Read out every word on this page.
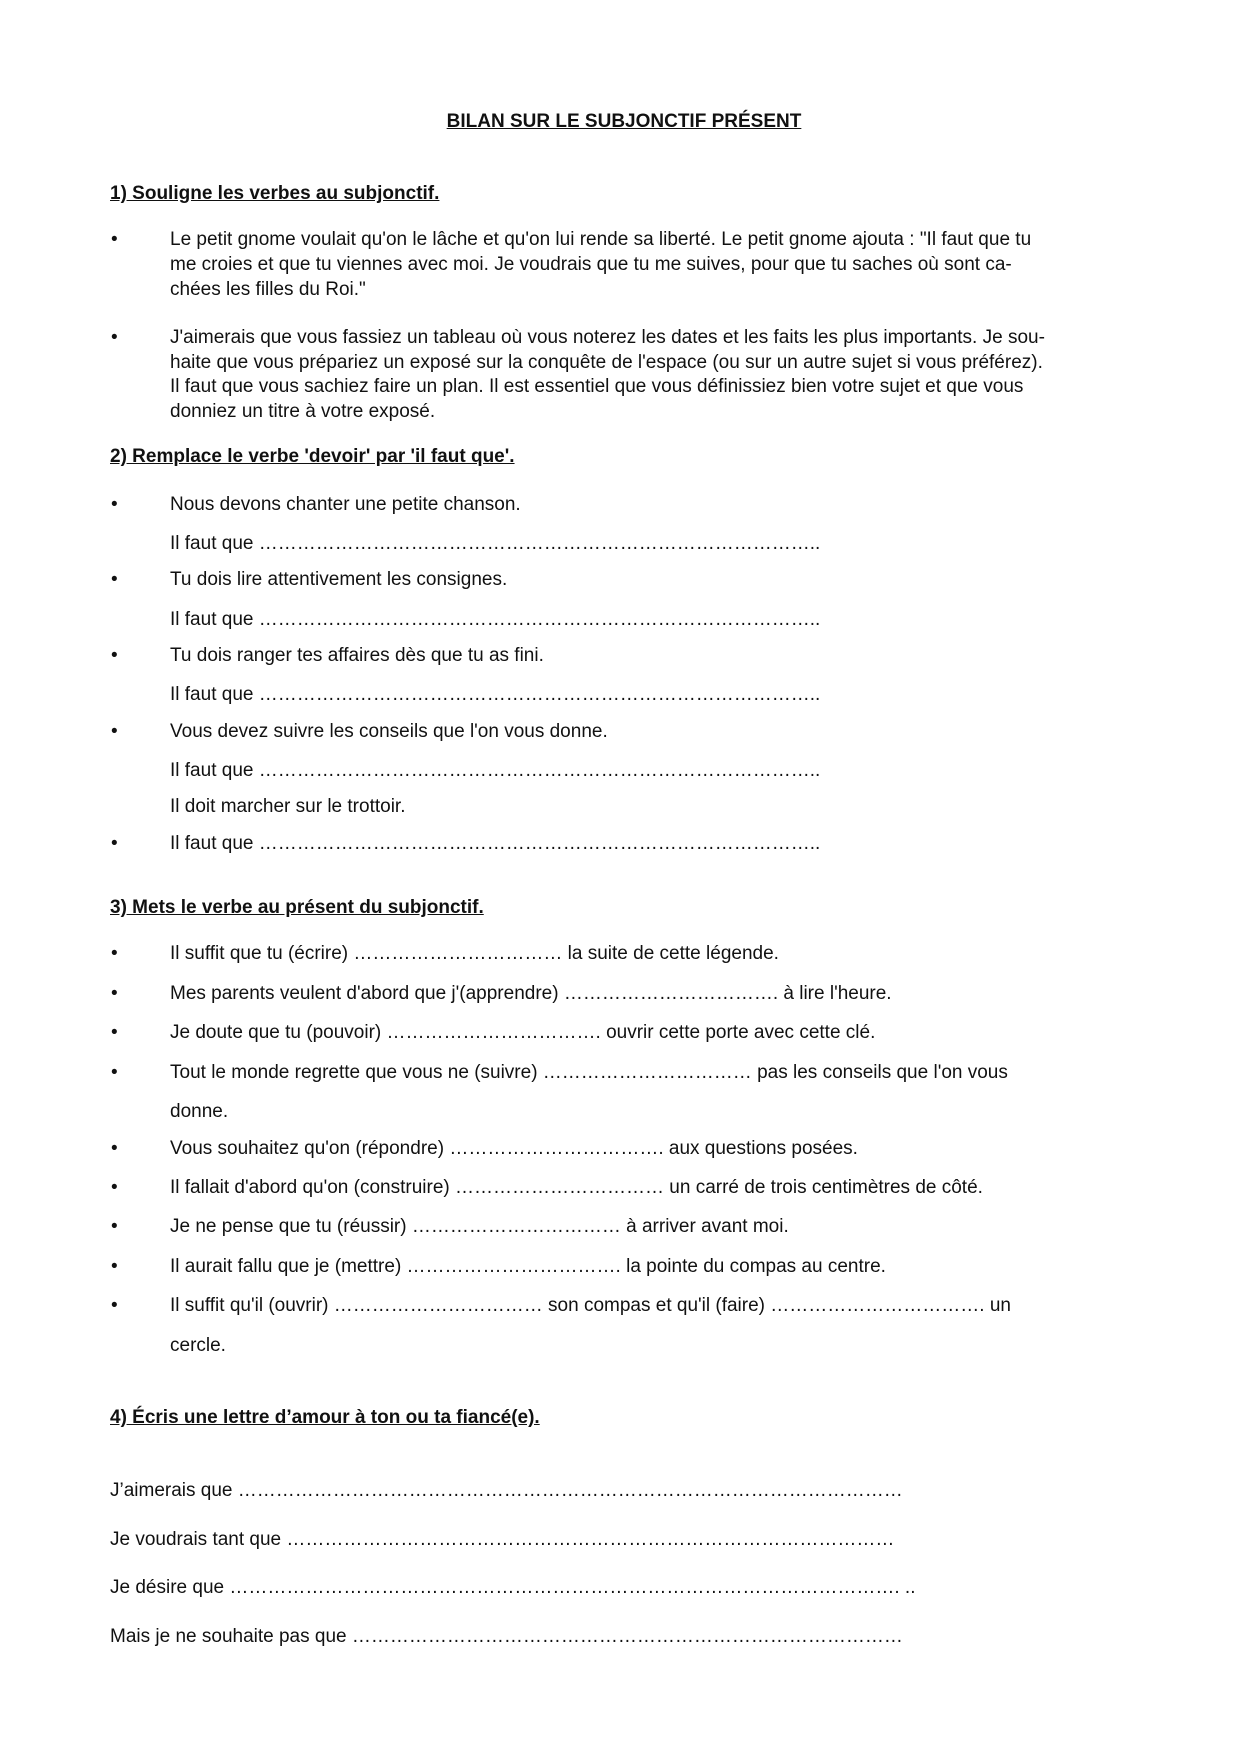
BILAN SUR LE SUBJONCTIF PRÉSENT
1) Souligne les verbes au subjonctif.
•	Le petit gnome voulait qu'on le lâche et qu'on lui rende sa liberté. Le petit gnome ajouta : "Il faut que tu
me croies et que tu viennes avec moi. Je voudrais que tu me suives, pour que tu saches où sont ca-
chées les filles du Roi."
•	J'aimerais que vous fassiez un tableau où vous noterez les dates et les faits les plus importants. Je sou-
haite que vous prépariez un exposé sur la conquête de l'espace (ou sur un autre sujet si vous préférez).
Il faut que vous sachiez faire un plan. Il est essentiel que vous définissiez bien votre sujet et que vous
donniez un titre à votre exposé.
2) Remplace le verbe 'devoir' par 'il faut que'.
•	Nous devons chanter une petite chanson.
Il faut que ……………………………………………………………………………..
•	Tu dois lire attentivement les consignes.
Il faut que ……………………………………………………………………………..
•	Tu dois ranger tes affaires dès que tu as fini.
Il faut que ……………………………………………………………………………..
•	Vous devez suivre les conseils que l'on vous donne.
Il faut que ……………………………………………………………………………..
Il doit marcher sur le trottoir.
•	Il faut que ……………………………………………………………………………..
3) Mets le verbe au présent du subjonctif.
•	Il suffit que tu (écrire) …………………………… la suite de cette légende.
•	Mes parents veulent d'abord que j'(apprendre) ……………………………. à lire l'heure.
•	Je doute que tu (pouvoir) ……………………………. ouvrir cette porte avec cette clé.
•	Tout le monde regrette que vous ne (suivre) …………………………… pas les conseils que l'on vous
donne.
•	Vous souhaitez qu'on (répondre) ……………………………. aux questions posées.
•	Il fallait d'abord qu'on (construire) …………………………… un carré de trois centimètres de côté.
•	Je ne pense que tu (réussir) …………………………… à arriver avant moi.
•	Il aurait fallu que je (mettre) ……………………………. la pointe du compas au centre.
•	Il suffit qu'il (ouvrir) …………………………… son compas et qu'il (faire) ……………………………. un
cercle.
4) Écris une lettre d’amour à ton ou ta fiancé(e).
J’aimerais que ……………………………………………………………………………………………
Je voudrais tant que ……………………………………………………………………………………
Je désire que ……………………………………………………………………………………………. ..
Mais je ne souhaite pas que ……………………………………………………………………………
